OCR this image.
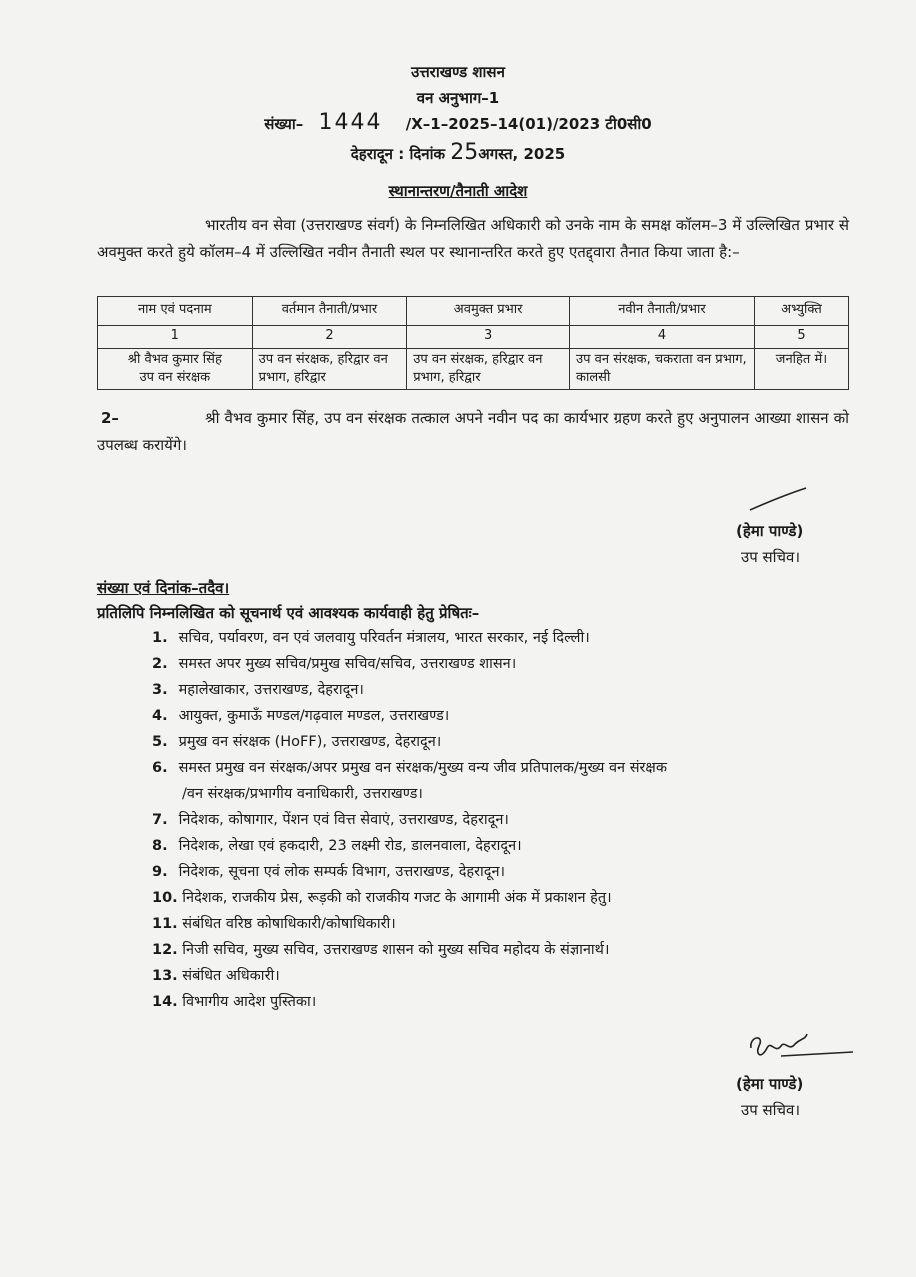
उत्तराखण्ड शासन
वन अनुभाग–1
संख्या– 1444 /X–1–2025–14(01)/2023 टी0सी0
देहरादून : दिनांक 25अगस्त, 2025
स्थानान्तरण/तैनाती आदेश
भारतीय वन सेवा (उत्तराखण्ड संवर्ग) के निम्नलिखित अधिकारी को उनके नाम के समक्ष कॉलम–3 में उल्लिखित प्रभार से अवमुक्त करते हुये कॉलम–4 में उल्लिखित नवीन तैनाती स्थल पर स्थानान्तरित करते हुए एतद्द्वारा तैनात किया जाता है:–
नाम एवं पदनाम	वर्तमान तैनाती/प्रभार	अवमुक्त प्रभार	नवीन तैनाती/प्रभार	अभ्युक्ति
1	2	3	4	5

श्री वैभव कुमार सिंह
उप वन संरक्षक	उप वन संरक्षक, हरिद्वार वन प्रभाग, हरिद्वार	उप वन संरक्षक, हरिद्वार वन प्रभाग, हरिद्वार	उप वन संरक्षक, चकराता वन प्रभाग, कालसी	जनहित में।
2–	श्री वैभव कुमार सिंह, उप वन संरक्षक तत्काल अपने नवीन पद का कार्यभार ग्रहण करते हुए अनुपालन आख्या शासन को उपलब्ध करायेंगे।
(हेमा पाण्डे)
उप सचिव।
संख्या एवं दिनांक–तदैव।
प्रतिलिपि निम्नलिखित को सूचनार्थ एवं आवश्यक कार्यवाही हेतु प्रेषितः–
1. सचिव, पर्यावरण, वन एवं जलवायु परिवर्तन मंत्रालय, भारत सरकार, नई दिल्ली।
2. समस्त अपर मुख्य सचिव/प्रमुख सचिव/सचिव, उत्तराखण्ड शासन।
3. महालेखाकार, उत्तराखण्ड, देहरादून।
4. आयुक्त, कुमाऊँ मण्डल/गढ़वाल मण्डल, उत्तराखण्ड।
5. प्रमुख वन संरक्षक (HoFF), उत्तराखण्ड, देहरादून।
6. समस्त प्रमुख वन संरक्षक/अपर प्रमुख वन संरक्षक/मुख्य वन्य जीव प्रतिपालक/मुख्य वन संरक्षक
/वन संरक्षक/प्रभागीय वनाधिकारी, उत्तराखण्ड।
7. निदेशक, कोषागार, पेंशन एवं वित्त सेवाएं, उत्तराखण्ड, देहरादून।
8. निदेशक, लेखा एवं हकदारी, 23 लक्ष्मी रोड, डालनवाला, देहरादून।
9. निदेशक, सूचना एवं लोक सम्पर्क विभाग, उत्तराखण्ड, देहरादून।
10. निदेशक, राजकीय प्रेस, रूड़की को राजकीय गजट के आगामी अंक में प्रकाशन हेतु।
11. संबंधित वरिष्ठ कोषाधिकारी/कोषाधिकारी।
12. निजी सचिव, मुख्य सचिव, उत्तराखण्ड शासन को मुख्य सचिव महोदय के संज्ञानार्थ।
13. संबंधित अधिकारी।
14. विभागीय आदेश पुस्तिका।
(हेमा पाण्डे)
उप सचिव।
